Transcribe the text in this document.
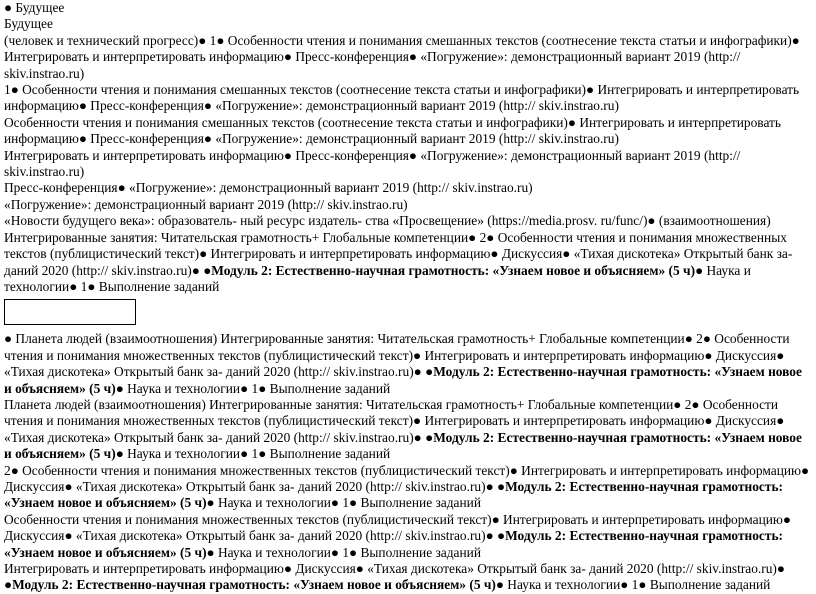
● Будущее

Будущее

(человек и технический прогресс)● 1● Особенности чтения и понимания смешанных текстов (соотнесение текста статьи и инфографики)● Интегрировать и интерпретировать информацию● Пресс-конференция● «Погружение»: демонстрационный вариант 2019 (http:// skiv.instrao.ru)

1● Особенности чтения и понимания смешанных текстов (соотнесение текста статьи и инфографики)● Интегрировать и интерпретировать информацию● Пресс-конференция● «Погружение»: демонстрационный вариант 2019 (http:// skiv.instrao.ru)

Особенности чтения и понимания смешанных текстов (соотнесение текста статьи и инфографики)● Интегрировать и интерпретировать информацию● Пресс-конференция● «Погружение»: демонстрационный вариант 2019 (http:// skiv.instrao.ru)

Интегрировать и интерпретировать информацию● Пресс-конференция● «Погружение»: демонстрационный вариант 2019 (http:// skiv.instrao.ru)

Пресс-конференция● «Погружение»: демонстрационный вариант 2019 (http:// skiv.instrao.ru)

«Погружение»: демонстрационный вариант 2019 (http:// skiv.instrao.ru)

«Новости будущего века»: образователь- ный ресурс издатель- ства «Просвещение» (https://media.prosv. ru/func/)● (взаимоотношения) Интегрированные занятия: Читательская грамотность+ Глобальные компетенции● 2● Особенности чтения и понимания множественных текстов (публицистический текст)● Интегрировать и интерпретировать информацию● Дискуссия● «Тихая дискотека» Открытый банк за- даний 2020 (http:// skiv.instrao.ru)● ●Модуль 2: Естественно-научная грамотность: «Узнаем новое и объясняем» (5 ч)● Наука и технологии● 1● Выполнение заданий

● Планета людей (взаимоотношения) Интегрированные занятия: Читательская грамотность+ Глобальные компетенции● 2● Особенности чтения и понимания множественных текстов (публицистический текст)● Интегрировать и интерпретировать информацию● Дискуссия● «Тихая дискотека» Открытый банк за- даний 2020 (http:// skiv.instrao.ru)● ●Модуль 2: Естественно-научная грамотность: «Узнаем новое и объясняем» (5 ч)● Наука и технологии● 1● Выполнение заданий

Планета людей (взаимоотношения) Интегрированные занятия: Читательская грамотность+ Глобальные компетенции● 2● Особенности чтения и понимания множественных текстов (публицистический текст)● Интегрировать и интерпретировать информацию● Дискуссия● «Тихая дискотека» Открытый банк за- даний 2020 (http:// skiv.instrao.ru)● ●Модуль 2: Естественно-научная грамотность: «Узнаем новое и объясняем» (5 ч)● Наука и технологии● 1● Выполнение заданий

2● Особенности чтения и понимания множественных текстов (публицистический текст)● Интегрировать и интерпретировать информацию● Дискуссия● «Тихая дискотека» Открытый банк за- даний 2020 (http:// skiv.instrao.ru)● ●Модуль 2: Естественно-научная грамотность: «Узнаем новое и объясняем» (5 ч)● Наука и технологии● 1● Выполнение заданий

Особенности чтения и понимания множественных текстов (публицистический текст)● Интегрировать и интерпретировать информацию● Дискуссия● «Тихая дискотека» Открытый банк за- даний 2020 (http:// skiv.instrao.ru)● ●Модуль 2: Естественно-научная грамотность: «Узнаем новое и объясняем» (5 ч)● Наука и технологии● 1● Выполнение заданий

Интегрировать и интерпретировать информацию● Дискуссия● «Тихая дискотека» Открытый банк за- даний 2020 (http:// skiv.instrao.ru)● ●Модуль 2: Естественно-научная грамотность: «Узнаем новое и объясняем» (5 ч)● Наука и технологии● 1● Выполнение заданий
